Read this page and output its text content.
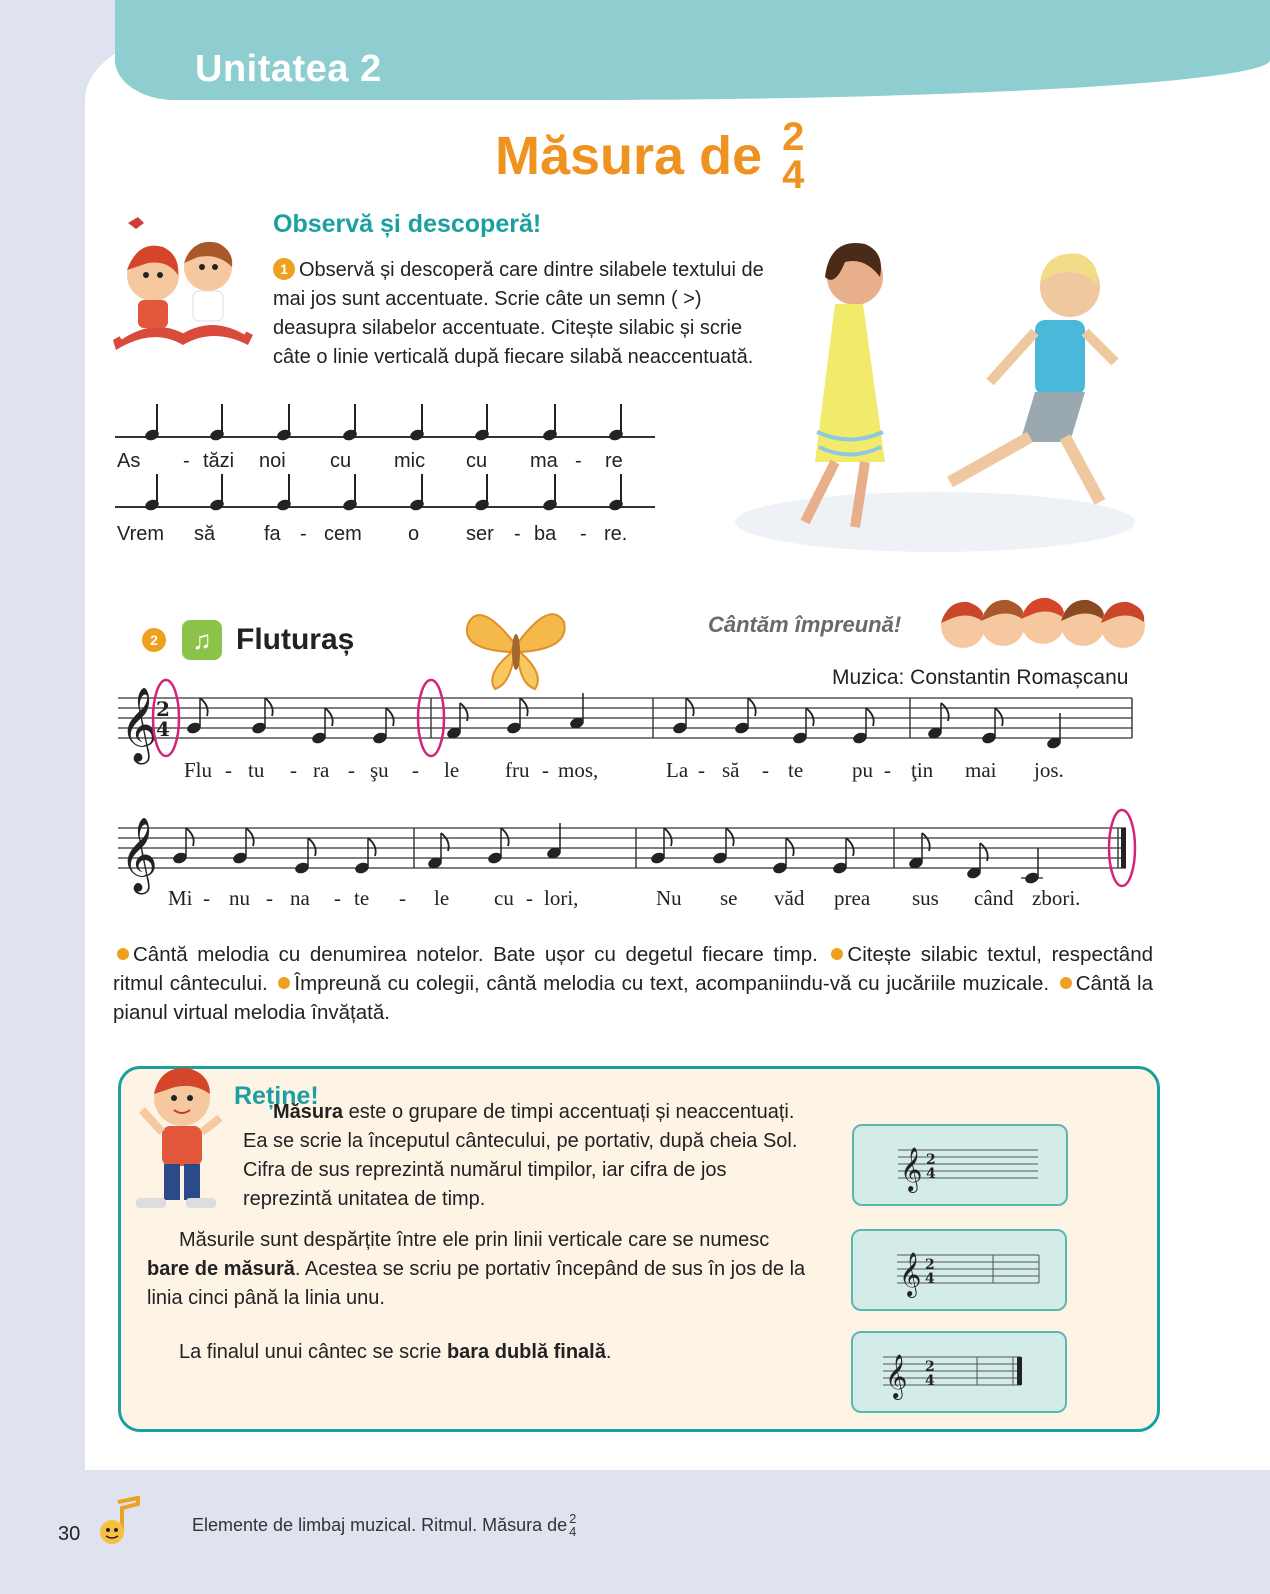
Unitatea 2
Măsura de 2
4
Observă și descoperă!
1 Observă și descoperă care dintre silabele textului de mai jos sunt accentuate. Scrie câte un semn ( >) deasupra silabelor accentuate. Citește silabic și scrie câte o linie verticală după fiecare silabă neaccentuată.
As - tăzi noi cu mic cu ma - re
Vrem să fa - cem o ser - ba - re.
2	♫ Fluturaș	Cântăm împreună!
Muzica: Constantin Romașcanu
𝄞
2
4
𝄞
Flu - tu - ra - şu - le fru - mos,	La - să - te pu - ţin mai jos.
Mi - nu - na - te - le cu - lori,	Nu se văd prea sus când zbori.
Cântă melodia cu denumirea notelor. Bate ușor cu degetul fiecare timp. Citește silabic textul, respectând ritmul cântecului. Împreună cu colegii, cântă melodia cu text, acompaniindu-vă cu jucăriile muzicale. Cântă la pianul virtual melodia învățată.
Reține!
Măsura este o grupare de timpi accentuați și neaccentuați. Ea se scrie la începutul cântecului, pe portativ, după cheia Sol. Cifra de sus reprezintă numărul timpilor, iar cifra de jos reprezintă unitatea de timp.
Măsurile sunt despărțite între ele prin linii verticale care se numesc bare de măsură. Acestea se scriu pe portativ începând de sus în jos de la linia cinci până la linia unu.
La finalul unui cântec se scrie bara dublă finală.
𝄞 2
4
𝄞 2
4
𝄞 2
4
30	Elemente de limbaj muzical. Ritmul. Măsura de 2
4
